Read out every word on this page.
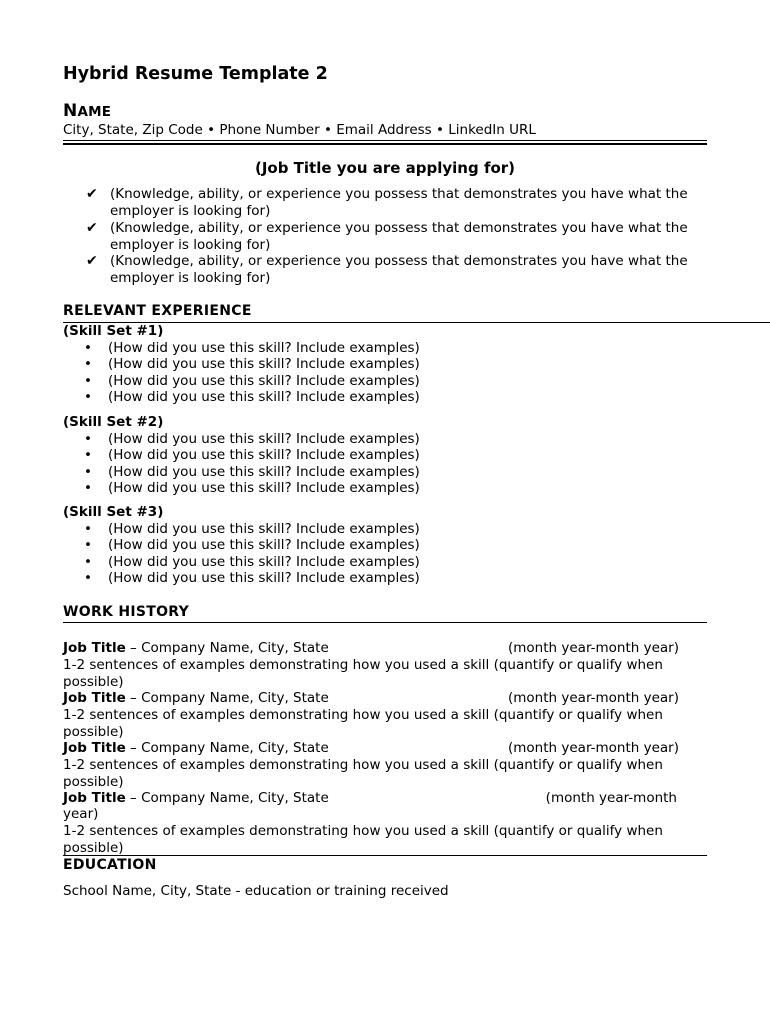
Hybrid Resume Template 2
NAME
City, State, Zip Code • Phone Number • Email Address • LinkedIn URL
(Job Title you are applying for)
✔ (Knowledge, ability, or experience you possess that demonstrates you have what the employer is looking for)
✔ (Knowledge, ability, or experience you possess that demonstrates you have what the employer is looking for)
✔ (Knowledge, ability, or experience you possess that demonstrates you have what the employer is looking for)
RELEVANT EXPERIENCE
(Skill Set #1)
• (How did you use this skill? Include examples)
• (How did you use this skill? Include examples)
• (How did you use this skill? Include examples)
• (How did you use this skill? Include examples)
(Skill Set #2)
• (How did you use this skill? Include examples)
• (How did you use this skill? Include examples)
• (How did you use this skill? Include examples)
• (How did you use this skill? Include examples)
(Skill Set #3)
• (How did you use this skill? Include examples)
• (How did you use this skill? Include examples)
• (How did you use this skill? Include examples)
• (How did you use this skill? Include examples)
WORK HISTORY
Job Title – Company Name, City, State	(month year-month year)
1-2 sentences of examples demonstrating how you used a skill (quantify or qualify when possible)
Job Title – Company Name, City, State	(month year-month year)
1-2 sentences of examples demonstrating how you used a skill (quantify or qualify when possible)
Job Title – Company Name, City, State	(month year-month year)
1-2 sentences of examples demonstrating how you used a skill (quantify or qualify when possible)
Job Title – Company Name, City, State	(month year-month
year)
1-2 sentences of examples demonstrating how you used a skill (quantify or qualify when possible)
EDUCATION
School Name, City, State - education or training received
